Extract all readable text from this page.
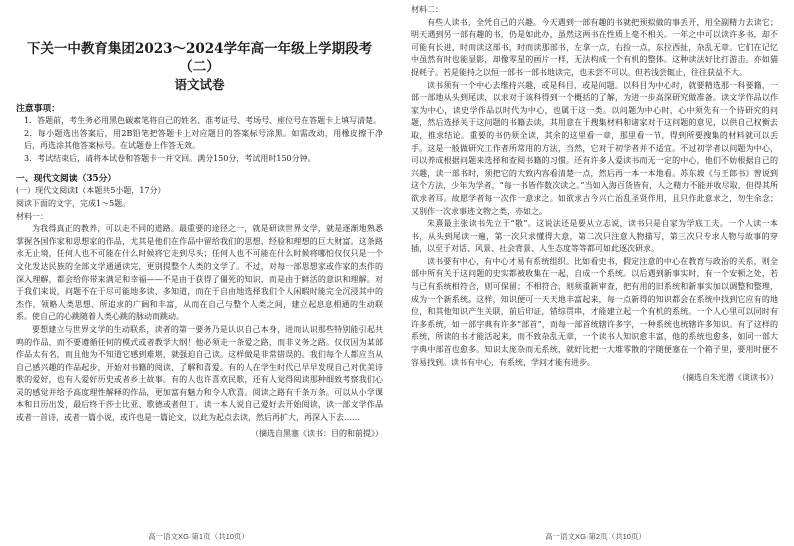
下关一中教育集团2023～2024学年高一年级上学期段考（二）
语文试卷
注意事项：

1．答题前，考生务必用黑色碳素笔将自己的姓名、准考证号、考场号、座位号在答题卡上填写清楚。

2．每小题选出答案后，用2B铅笔把答题卡上对应题目的答案标号涂黑。如需改动，用橡皮擦干净后，再选涂其他答案标号。在试题卷上作答无效。

3．考试结束后，请将本试卷和答题卡一并交回。满分150分，考试用时150分钟。

一、现代文阅读（35分）

(一）现代文阅读Ⅰ（本题共5小题，17分）

阅读下面的文字，完成1～5题。

材料一：

为我得真正的教养，可以走不同的道路。最重要的途径之一，就是研读世界文学，就是逐渐地熟悉掌握各国作家和思想家的作品，尤其是他们在作品中留给我们的思想、经验和理想的巨大财富。这条路永无止境，任何人也不可能在什么时候将它走到尽头；任何人也不可能在什么时候将哪怕仅仅只是一个文化发达民族的全部文学通通读完，更别提整个人类的文学了。不过，对每一部思想家或作家的杰作的深入理解，都会给你带来满足和幸福——不是由于获得了僵死的知识，而是由于鲜活的意识和理解。对于我们来说，问题不在于尽可能地多读、多知道，而在于自由地选择我们个人闲暇时能完全沉浸其中的杰作，领略人类思想、所追求的广阔和丰富，从而在自己与整个人类之间，建立起息息相通的生动联系。使自己的心跳随着人类心跳的脉动而跳动。

要想建立与世界文学的生动联系，读者的第一要务乃是认识自己本身，进而认识那些特别能引起共鸣的作品，而不要遵循任何的模式或者教学大纲！他必须走一条爱之路，而非义务之路。仅仅因为某部作品太有名，而且他为不知道它感到难堪，就强迫自己读。这样做是非常错误的。我们每个人都应当从自己感兴趣的作品起步，开始对书籍的阅读、了解和喜爱。有的人在学生时代已早早发现自己对优美诗歌的爱好，也有人爱好历史或者乡土故事。有的人也许喜欢民歌，还有人觉得阅读那种细致考察我们心灵的感觉并给予高度理性解释的作品，更加富有魅力和令人欣喜。阅读之路有千条万条。可以从小学课本和日历出发，最后终于莎士比亚、歌德或者但丁。读一本人说自己爱好去开始阅读，读一部文学作品或者一首诗，或者一篇小说，或许也是一篇论文，以此为起点去读，然后再扩大，再深入下去……

（摘选自黑塞《读书：目的和前提》）
高一语文XG·第1页（共10页）

材料二：

有些人读书，全凭自己的兴趣。今天遇到一部有趣的书就把预拟做的事丢开，用全副精力去读它；明天遇到另一部有趣的书，仍是如此办，虽然这两书在性质上毫不相关。一年之中可以读许多书，却不可能有长进，时而读这部书，时而读那部书，左拿一点，右捡一点，东拉西扯，杂乱无章。它们在记忆中虽然有时也能显影，却像零星的画片一样，无法构成一个有机的整体。这种读法好比打游击。亦如猫捉耗子。若是能持之以恒一部书一部书地读完，也未尝不可以。但若浅尝辄止，往往获益不大。

读书须有一个中心去维持兴趣，或是科目，或是问题。以科目为中心时，就要精选那一科要籍，一部一部地从头到尾读，以求对于该科得到一个概括的了解，为进一步高深研究做准备。读文学作品以作家为中心，读史学作品以时代为中心，也属于这一类。以问题为中心时，心中须先有一个待研究的问题，然后选择关于这问题的书籍去读，其用意在于搜集材料和诸家对于这问题的意见，以供自己权衡去取，推求结论。重要的书仍须全读，其余的这里看一章，那里看一节，得到所要搜集的材料就可以丢手。这是一般做研究工作者所常用的方法，当然，它对于初学者并不适宜。不过初学者以问题为中心，可以养成根据问题来选择和查阅书籍的习惯。还有许多人爱读书而无一定的中心，他们不妨根据自己的兴趣，读一部书时，须把它的大致内容看清楚一点，然后再一本一本地看。苏东坡《与王郎书》曾说到这个方法，少年为学者，“每一书皆作数次读之。”当如入海百货皆有，人之精力不能并收尽取，但得其所欲求者耳。故愿学者每一次作一意求之。如欲求古今兴亡治乱圣贤作用，且只作此意求之，勿生余念；又别作一次求事迹文物之类，亦如之。

朱熹最主张读书先立于“敬”。这说法还是要从立志说，读书只是自家为学底工夫。一个人读一本书，从头到尾读一遍，第一次只求懂得大意，第二次只注意人物描写，第三次只专求人物与故事的穿插，以至于对话、风景、社会背景、人生态度等等都可如此逐次研求。

读书要有中心，有中心才易有系统组织。比如看史书，假定注意的中心在教育与政治的关系，则全部中所有关于这问题的史实都被收集在一起，自成一个系统。以后遇到新事实时，有一个安顿之处，若与已有系统相符合，则可保留；不相符合，则须重新审查，把有用的旧系统和新事实加以调整和整理，成为一个新系统。这样，知识便可一天天地丰富起来，每一点新得的知识都会在系统中找到它应有的地位，和其他知识产生关联，前后印证，错综贯串，才能建立起一个有机的系统。一个人心里可以同时有许多系统，如一部字典有许多“部首”，而每一部首统辖许多字，一种系统也统辖许多知识。有了这样的系统，所读的书才能活起来，而不致杂乱无章，一个读书人知识愈丰富，他的系统也愈多，如同一部大字典中部首也愈多。知识太庞杂而无系统，就好比把一大堆零散的字随便塞在一个箱子里，要用时便不容易找到。读书有中心，有系统，学问才能有进步。

（摘选自朱光潜《谈读书》）
高一语文XG·第2页（共10页）
